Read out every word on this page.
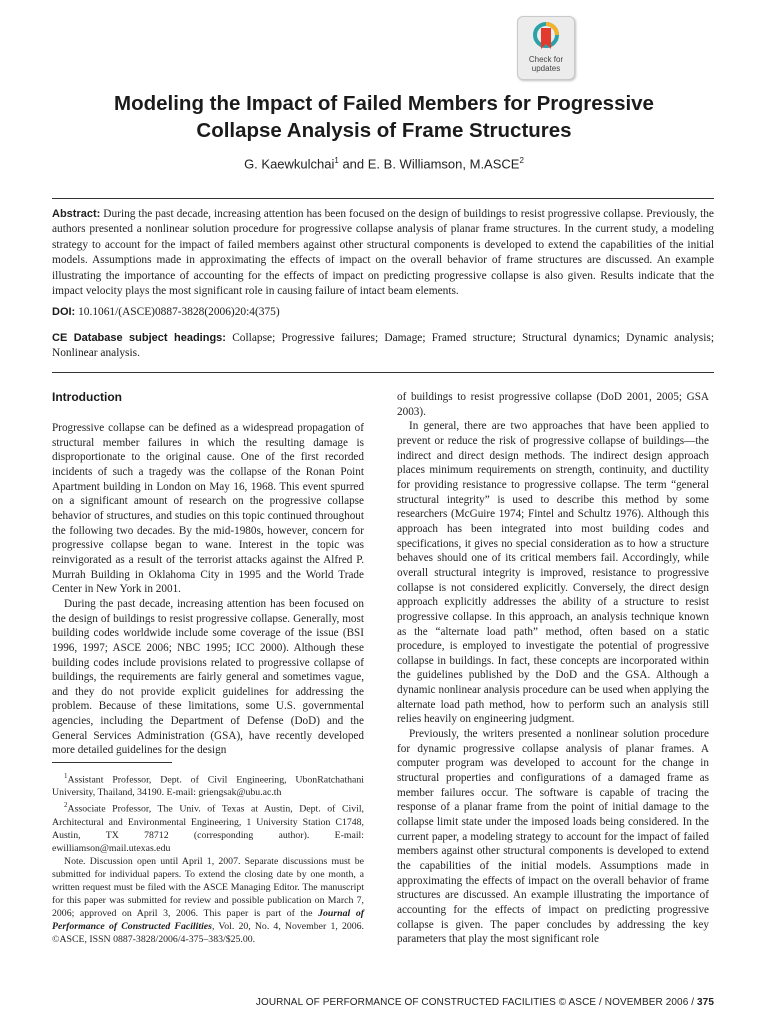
Check for
updates
Modeling the Impact of Failed Members for Progressive
Collapse Analysis of Frame Structures
G. Kaewkulchai$^1$ and E. B. Williamson, M.ASCE$^2$
Abstract: During the past decade, increasing attention has been focused on the design of buildings to resist progressive collapse. Previously, the authors presented a nonlinear solution procedure for progressive collapse analysis of planar frame structures. In the current study, a modeling strategy to account for the impact of failed members against other structural components is developed to extend the capabilities of the initial models. Assumptions made in approximating the effects of impact on the overall behavior of frame structures are discussed. An example illustrating the importance of accounting for the effects of impact on predicting progressive collapse is also given. Results indicate that the impact velocity plays the most significant role in causing failure of intact beam elements.
DOI: 10.1061/(ASCE)0887-3828(2006)20:4(375)
CE Database subject headings: Collapse; Progressive failures; Damage; Framed structure; Structural dynamics; Dynamic analysis; Nonlinear analysis.
Introduction

Progressive collapse can be defined as a widespread propagation of structural member failures in which the resulting damage is disproportionate to the original cause. One of the first recorded incidents of such a tragedy was the collapse of the Ronan Point Apartment building in London on May 16, 1968. This event spurred on a significant amount of research on the progressive collapse behavior of structures, and studies on this topic continued throughout the following two decades. By the mid-1980s, however, concern for progressive collapse began to wane. Interest in the topic was reinvigorated as a result of the terrorist attacks against the Alfred P. Murrah Building in Oklahoma City in 1995 and the World Trade Center in New York in 2001.

During the past decade, increasing attention has been focused on the design of buildings to resist progressive collapse. Generally, most building codes worldwide include some coverage of the issue (BSI 1996, 1997; ASCE 2006; NBC 1995; ICC 2000). Although these building codes include provisions related to progressive collapse of buildings, the requirements are fairly general and sometimes vague, and they do not provide explicit guidelines for addressing the problem. Because of these limitations, some U.S. governmental agencies, including the Department of Defense (DoD) and the General Services Administration (GSA), have recently developed more detailed guidelines for the design

$^1$Assistant Professor, Dept. of Civil Engineering, UbonRatchathani University, Thailand, 34190. E-mail: griengsak@ubu.ac.th

$^2$Associate Professor, The Univ. of Texas at Austin, Dept. of Civil, Architectural and Environmental Engineering, 1 University Station C1748, Austin, TX 78712 (corresponding author). E-mail: ewilliamson@mail.utexas.edu

Note. Discussion open until April 1, 2007. Separate discussions must be submitted for individual papers. To extend the closing date by one month, a written request must be filed with the ASCE Managing Editor. The manuscript for this paper was submitted for review and possible publication on March 7, 2006; approved on April 3, 2006. This paper is part of the Journal of Performance of Constructed Facilities, Vol. 20, No. 4, November 1, 2006. ©ASCE, ISSN 0887-3828/2006/4-375–383/$25.00.

of buildings to resist progressive collapse (DoD 2001, 2005; GSA 2003).

In general, there are two approaches that have been applied to prevent or reduce the risk of progressive collapse of buildings—the indirect and direct design methods. The indirect design approach places minimum requirements on strength, continuity, and ductility for providing resistance to progressive collapse. The term “general structural integrity” is used to describe this method by some researchers (McGuire 1974; Fintel and Schultz 1976). Although this approach has been integrated into most building codes and specifications, it gives no special consideration as to how a structure behaves should one of its critical members fail. Accordingly, while overall structural integrity is improved, resistance to progressive collapse is not considered explicitly. Conversely, the direct design approach explicitly addresses the ability of a structure to resist progressive collapse. In this approach, an analysis technique known as the “alternate load path” method, often based on a static procedure, is employed to investigate the potential of progressive collapse in buildings. In fact, these concepts are incorporated within the guidelines published by the DoD and the GSA. Although a dynamic nonlinear analysis procedure can be used when applying the alternate load path method, how to perform such an analysis still relies heavily on engineering judgment.

Previously, the writers presented a nonlinear solution procedure for dynamic progressive collapse analysis of planar frames. A computer program was developed to account for the change in structural properties and configurations of a damaged frame as member failures occur. The software is capable of tracing the response of a planar frame from the point of initial damage to the collapse limit state under the imposed loads being considered. In the current paper, a modeling strategy to account for the impact of failed members against other structural components is developed to extend the capabilities of the initial models. Assumptions made in approximating the effects of impact on the overall behavior of frame structures are discussed. An example illustrating the importance of accounting for the effects of impact on predicting progressive collapse is given. The paper concludes by addressing the key parameters that play the most significant role

JOURNAL OF PERFORMANCE OF CONSTRUCTED FACILITIES © ASCE / NOVEMBER 2006 / 375
